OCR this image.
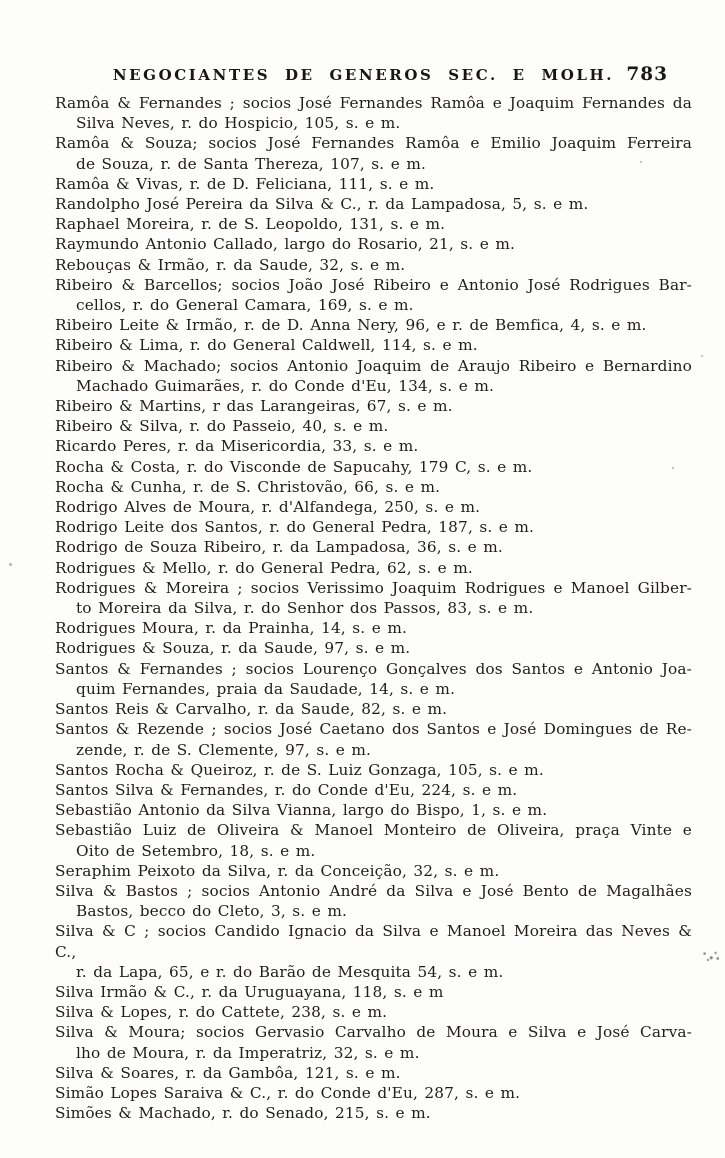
NEGOCIANTES DE GENEROS SEC. E MOLH. 783
Ramôa & Fernandes ; socios José Fernandes Ramôa e Joaquim Fernandes da
Silva Neves, r. do Hospicio, 105, s. e m.
Ramôa & Souza; socios José Fernandes Ramôa e Emilio Joaquim Ferreira
de Souza, r. de Santa Thereza, 107, s. e m.
Ramôa & Vivas, r. de D. Feliciana, 111, s. e m.
Randolpho José Pereira da Silva & C., r. da Lampadosa, 5, s. e m.
Raphael Moreira, r. de S. Leopoldo, 131, s. e m.
Raymundo Antonio Callado, largo do Rosario, 21, s. e m.
Rebouças & Irmão, r. da Saude, 32, s. e m.
Ribeiro & Barcellos; socios João José Ribeiro e Antonio José Rodrigues Bar-
cellos, r. do General Camara, 169, s. e m.
Ribeiro Leite & Irmão, r. de D. Anna Nery, 96, e r. de Bemfica, 4, s. e m.
Ribeiro & Lima, r. do General Caldwell, 114, s. e m.
Ribeiro & Machado; socios Antonio Joaquim de Araujo Ribeiro e Bernardino
Machado Guimarães, r. do Conde d'Eu, 134, s. e m.
Ribeiro & Martins, r das Larangeiras, 67, s. e m.
Ribeiro & Silva, r. do Passeio, 40, s. e m.
Ricardo Peres, r. da Misericordia, 33, s. e m.
Rocha & Costa, r. do Visconde de Sapucahy, 179 C, s. e m.
Rocha & Cunha, r. de S. Christovão, 66, s. e m.
Rodrigo Alves de Moura, r. d'Alfandega, 250, s. e m.
Rodrigo Leite dos Santos, r. do General Pedra, 187, s. e m.
Rodrigo de Souza Ribeiro, r. da Lampadosa, 36, s. e m.
Rodrigues & Mello, r. do General Pedra, 62, s. e m.
Rodrigues & Moreira ; socios Verissimo Joaquim Rodrigues e Manoel Gilber-
to Moreira da Silva, r. do Senhor dos Passos, 83, s. e m.
Rodrigues Moura, r. da Prainha, 14, s. e m.
Rodrigues & Souza, r. da Saude, 97, s. e m.
Santos & Fernandes ; socios Lourenço Gonçalves dos Santos e Antonio Joa-
quim Fernandes, praia da Saudade, 14, s. e m.
Santos Reis & Carvalho, r. da Saude, 82, s. e m.
Santos & Rezende ; socios José Caetano dos Santos e José Domingues de Re-
zende, r. de S. Clemente, 97, s. e m.
Santos Rocha & Queiroz, r. de S. Luiz Gonzaga, 105, s. e m.
Santos Silva & Fernandes, r. do Conde d'Eu, 224, s. e m.
Sebastião Antonio da Silva Vianna, largo do Bispo, 1, s. e m.
Sebastião Luiz de Oliveira & Manoel Monteiro de Oliveira, praça Vinte e
Oito de Setembro, 18, s. e m.
Seraphim Peixoto da Silva, r. da Conceição, 32, s. e m.
Silva & Bastos ; socios Antonio André da Silva e José Bento de Magalhães
Bastos, becco do Cleto, 3, s. e m.
Silva & C ; socios Candido Ignacio da Silva e Manoel Moreira das Neves & C.,
r. da Lapa, 65, e r. do Barão de Mesquita 54, s. e m.
Silva Irmão & C., r. da Uruguayana, 118, s. e m
Silva & Lopes, r. do Cattete, 238, s. e m.
Silva & Moura; socios Gervasio Carvalho de Moura e Silva e José Carva-
lho de Moura, r. da Imperatriz, 32, s. e m.
Silva & Soares, r. da Gambôa, 121, s. e m.
Simão Lopes Saraiva & C., r. do Conde d'Eu, 287, s. e m.
Simões & Machado, r. do Senado, 215, s. e m.
